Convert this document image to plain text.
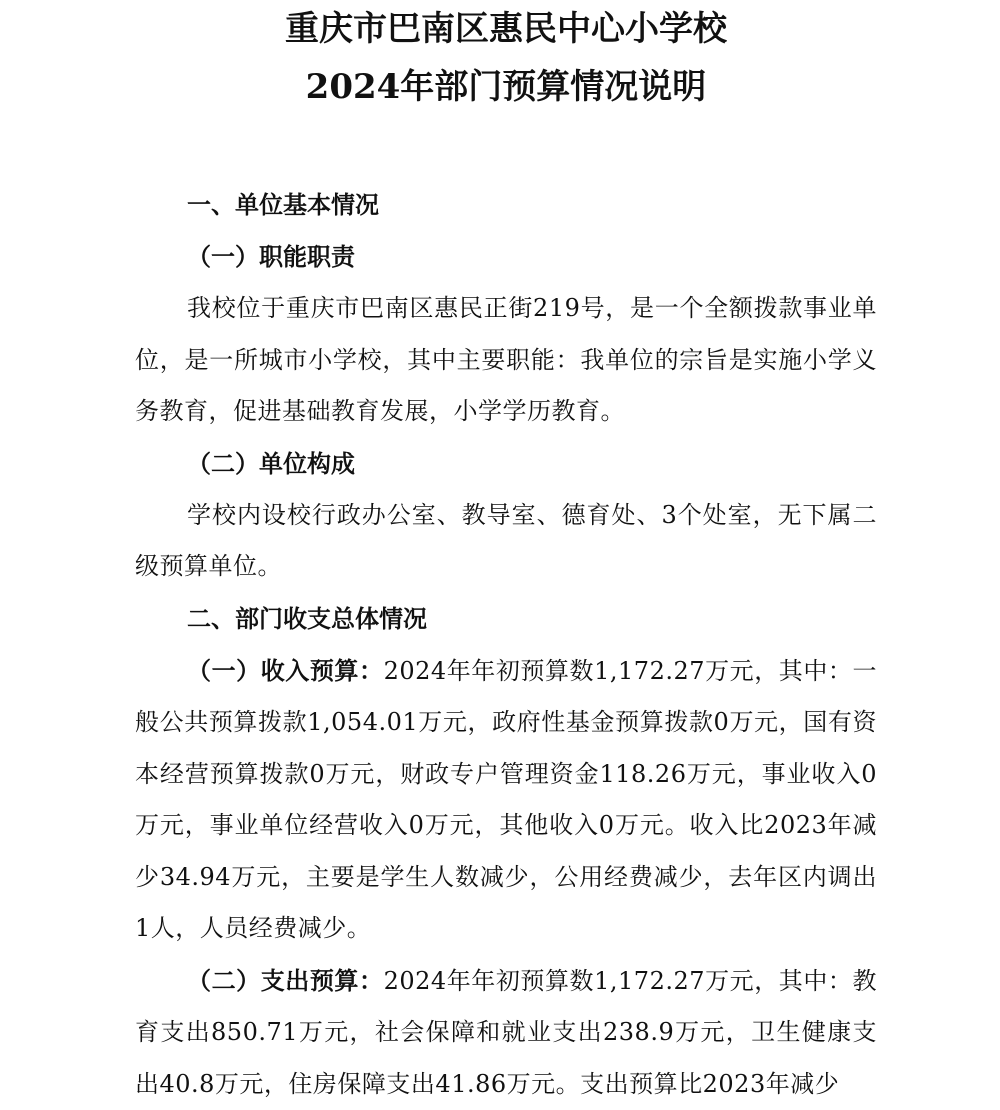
重庆市巴南区惠民中心小学校
2024年部门预算情况说明
一、单位基本情况
（一）职能职责

我校位于重庆市巴南区惠民正街219号，是一个全额拨款事业单位，是一所城市小学校，其中主要职能：我单位的宗旨是实施小学义务教育，促进基础教育发展，小学学历教育。

（二）单位构成

学校内设校行政办公室、教导室、德育处、3个处室，无下属二级预算单位。

二、部门收支总体情况

（一）收入预算：2024年年初预算数1,172.27万元，其中：一般公共预算拨款1,054.01万元，政府性基金预算拨款0万元，国有资本经营预算拨款0万元，财政专户管理资金118.26万元，事业收入0万元，事业单位经营收入0万元，其他收入0万元。收入比2023年减少34.94万元，主要是学生人数减少，公用经费减少，去年区内调出1人，人员经费减少。

（二）支出预算：2024年年初预算数1,172.27万元，其中：教育支出850.71万元，社会保障和就业支出238.9万元，卫生健康支出40.8万元，住房保障支出41.86万元。支出预算比2023年减少
